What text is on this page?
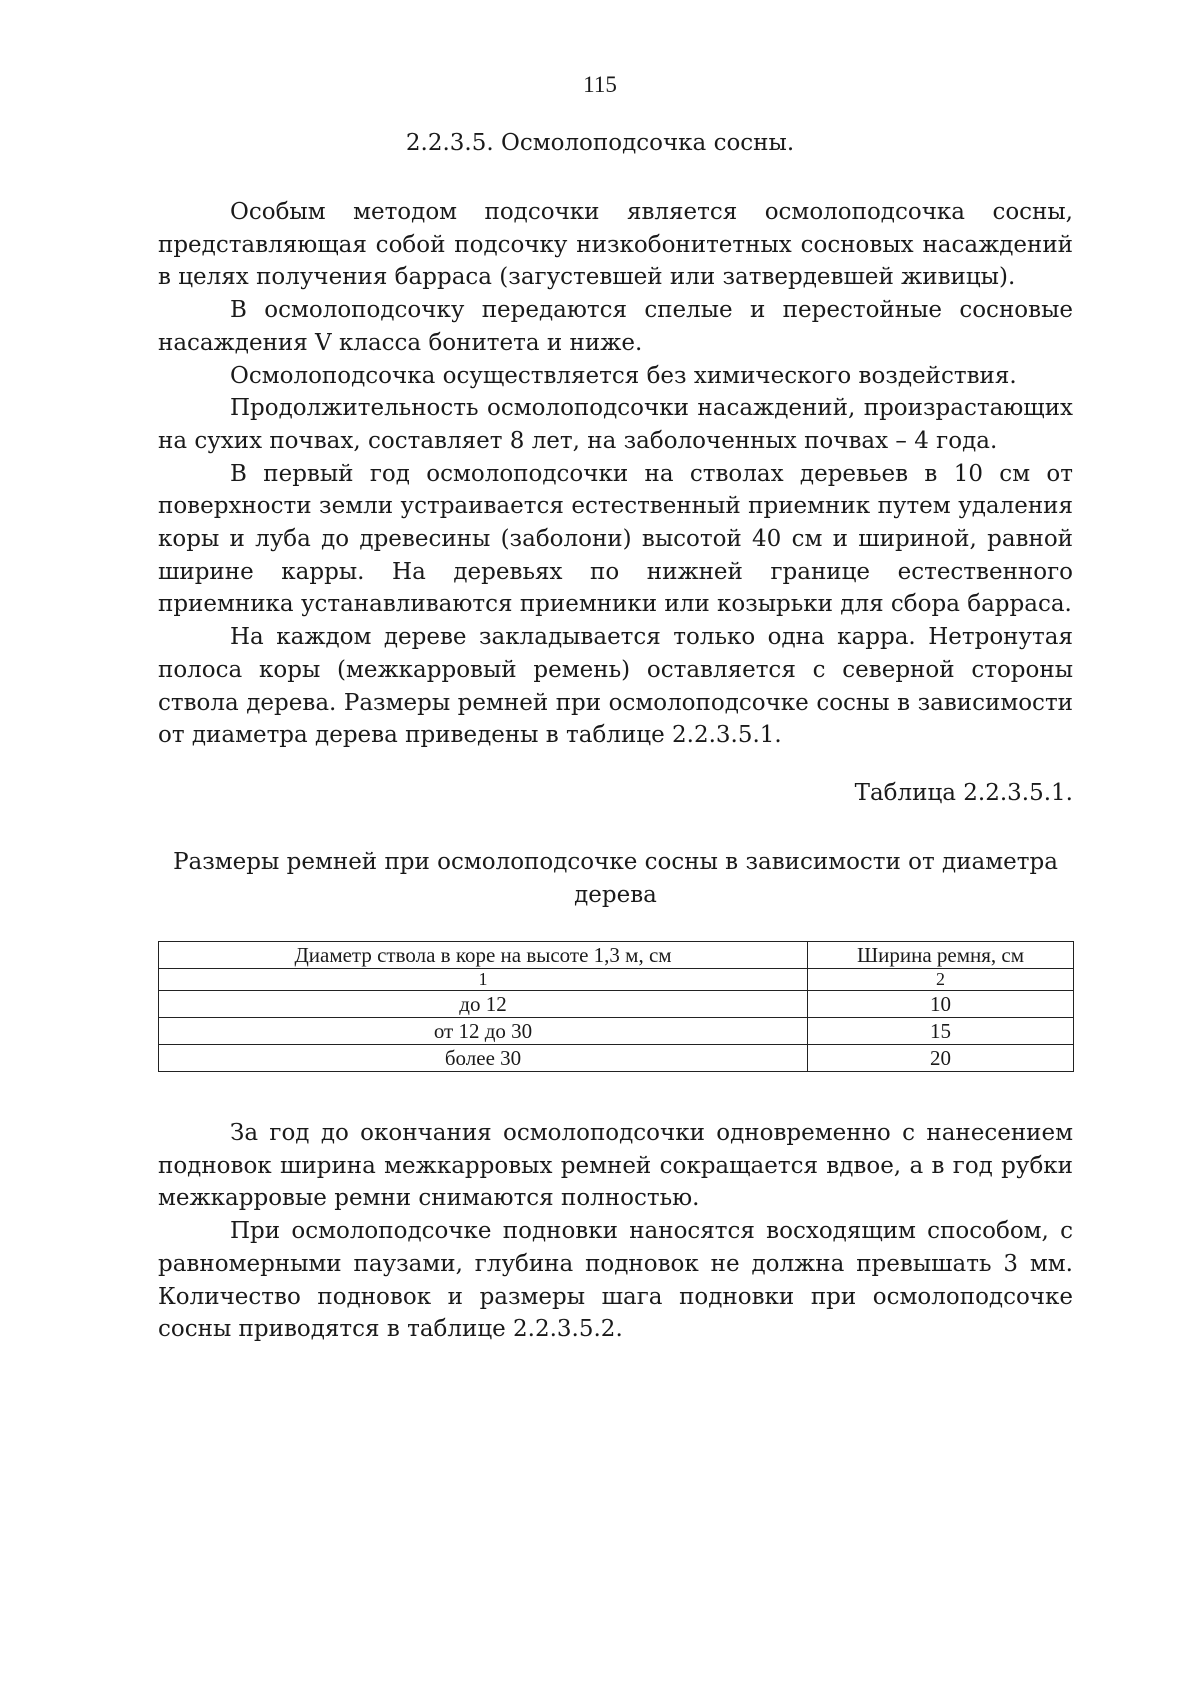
115
2.2.3.5. Осмолоподсочка сосны.

Особым методом подсочки является осмолоподсочка сосны, представляющая собой подсочку низкобонитетных сосновых насаждений в целях получения барраса (загустевшей или затвердевшей живицы).

В осмолоподсочку передаются спелые и перестойные сосновые насаждения V класса бонитета и ниже.

Осмолоподсочка осуществляется без химического воздействия.

Продолжительность осмолоподсочки насаждений, произрастающих на сухих почвах, составляет 8 лет, на заболоченных почвах – 4 года.

В первый год осмолоподсочки на стволах деревьев в 10 см от поверхности земли устраивается естественный приемник путем удаления коры и луба до древесины (заболони) высотой 40 см и шириной, равной ширине карры. На деревьях по нижней границе естественного приемника устанавливаются приемники или козырьки для сбора барраса.

На каждом дереве закладывается только одна карра. Нетронутая полоса коры (межкарровый ремень) оставляется с северной стороны ствола дерева. Размеры ремней при осмолоподсочке сосны в зависимости от диаметра дерева приведены в таблице 2.2.3.5.1.

Таблица 2.2.3.5.1.
Размеры ремней при осмолоподсочке сосны в зависимости от диаметра дерева
Диаметр ствола в коре на высоте 1,3 м, см	Ширина ремня, см
1	2
до 12	10
от 12 до 30	15
более 30	20

За год до окончания осмолоподсочки одновременно с нанесением подновок ширина межкарровых ремней сокращается вдвое, а в год рубки межкарровые ремни снимаются полностью.

При осмолоподсочке подновки наносятся восходящим способом, с равномерными паузами, глубина подновок не должна превышать 3 мм. Количество подновок и размеры шага подновки при осмолоподсочке сосны приводятся в таблице 2.2.3.5.2.
